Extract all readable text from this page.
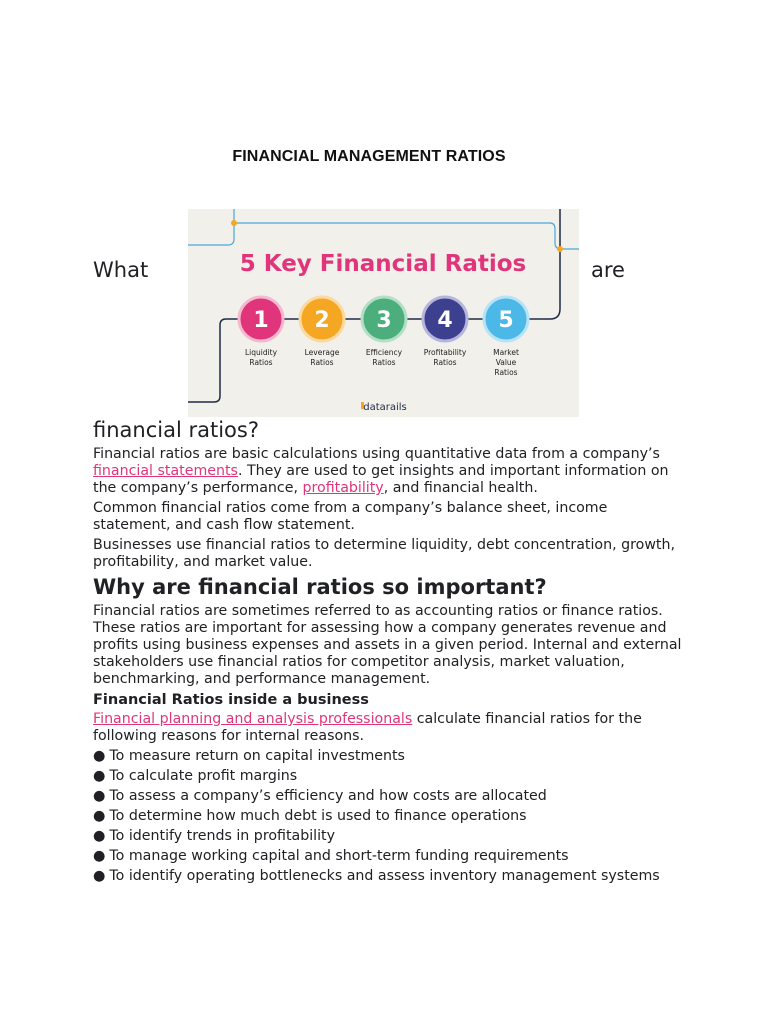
FINANCIAL MANAGEMENT RATIOS
What	are
5 Key Financial Ratios
1
Liquidity
Ratios
2
Leverage
Ratios
3
Efficiency
Ratios
4
Profitability
Ratios
5
Market
Value
Ratios
datarails
financial ratios?

Financial ratios are basic calculations using quantitative data from a company’s financial statements. They are used to get insights and important information on the company’s performance, profitability, and financial health.

Common financial ratios come from a company’s balance sheet, income statement, and cash flow statement.

Businesses use financial ratios to determine liquidity, debt concentration, growth, profitability, and market value.

Why are financial ratios so important?

Financial ratios are sometimes referred to as accounting ratios or finance ratios. These ratios are important for assessing how a company generates revenue and profits using business expenses and assets in a given period. Internal and external stakeholders use financial ratios for competitor analysis, market valuation, benchmarking, and performance management.

Financial Ratios inside a business

Financial planning and analysis professionals calculate financial ratios for the following reasons for internal reasons.

● To measure return on capital investments
● To calculate profit margins
● To assess a company’s efficiency and how costs are allocated
● To determine how much debt is used to finance operations
● To identify trends in profitability
● To manage working capital and short-term funding requirements
● To identify operating bottlenecks and assess inventory management systems
